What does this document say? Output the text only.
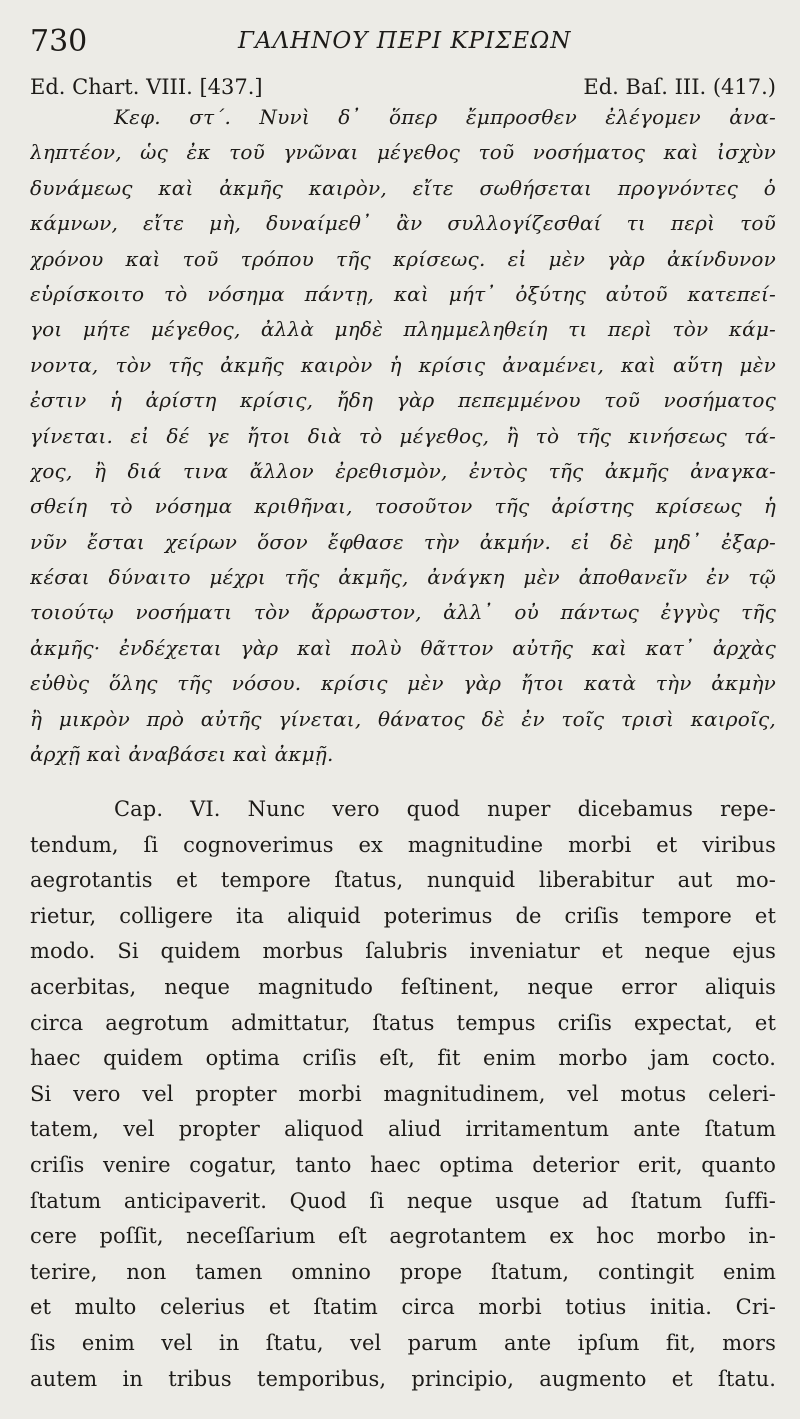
730	ΓΑΛΗΝΟΥ ΠΕΡΙ ΚΡΙΣΕΩΝ
Ed. Chart. VIII. [437.]	Ed. Baſ. III. (417.)
Κεφ. στ΄. Νυνὶ δ᾽ ὅπερ ἔμπροσθεν ἐλέγομεν ἀνα-
ληπτέον, ὡς ἐκ τοῦ γνῶναι μέγεθος τοῦ νοσήματος καὶ ἰσχὺν
δυνάμεως καὶ ἀκμῆς καιρὸν, εἴτε σωθήσεται προγνόντες ὁ
κάμνων, εἴτε μὴ, δυναίμεθ᾽ ἂν συλλογίζεσθαί τι περὶ τοῦ
χρόνου καὶ τοῦ τρόπου τῆς κρίσεως. εἰ μὲν γὰρ ἀκίνδυνον
εὑρίσκοιτο τὸ νόσημα πάντῃ, καὶ μήτ᾽ ὀξύτης αὐτοῦ κατεπεί-
γοι μήτε μέγεθος, ἀλλὰ μηδὲ πλημμεληθείη τι περὶ τὸν κάμ-
νοντα, τὸν τῆς ἀκμῆς καιρὸν ἡ κρίσις ἀναμένει, καὶ αὕτη μὲν
ἐστιν ἡ ἀρίστη κρίσις, ἤδη γὰρ πεπεμμένου τοῦ νοσήματος
γίνεται. εἰ δέ γε ἤτοι διὰ τὸ μέγεθος, ἢ τὸ τῆς κινήσεως τά-
χος, ἢ διά τινα ἄλλον ἐρεθισμὸν, ἐντὸς τῆς ἀκμῆς ἀναγκα-
σθείη τὸ νόσημα κριθῆναι, τοσοῦτον τῆς ἀρίστης κρίσεως ἡ
νῦν ἔσται χείρων ὅσον ἔφθασε τὴν ἀκμήν. εἰ δὲ μηδ᾽ ἐξαρ-
κέσαι δύναιτο μέχρι τῆς ἀκμῆς, ἀνάγκη μὲν ἀποθανεῖν ἐν τῷ
τοιούτῳ νοσήματι τὸν ἄρρωστον, ἀλλ᾽ οὐ πάντως ἐγγὺς τῆς
ἀκμῆς· ἐνδέχεται γὰρ καὶ πολὺ θᾶττον αὐτῆς καὶ κατ᾽ ἀρχὰς
εὐθὺς ὅλης τῆς νόσου. κρίσις μὲν γὰρ ἤτοι κατὰ τὴν ἀκμὴν
ἢ μικρὸν πρὸ αὐτῆς γίνεται, θάνατος δὲ ἐν τοῖς τρισὶ καιροῖς,
ἀρχῇ καὶ ἀναβάσει καὶ ἀκμῇ.
Cap. VI. Nunc vero quod nuper dicebamus repe-
tendum, ſi cognoverimus ex magnitudine morbi et viribus
aegrotantis et tempore ſtatus, nunquid liberabitur aut mo-
rietur, colligere ita aliquid poterimus de criſis tempore et
modo. Si quidem morbus ſalubris inveniatur et neque ejus
acerbitas, neque magnitudo feſtinent, neque error aliquis
circa aegrotum admittatur, ſtatus tempus criſis expectat, et
haec quidem optima criſis eſt, fit enim morbo jam cocto.
Si vero vel propter morbi magnitudinem, vel motus celeri-
tatem, vel propter aliquod aliud irritamentum ante ſtatum
criſis venire cogatur, tanto haec optima deterior erit, quanto
ſtatum anticipaverit. Quod ſi neque usque ad ſtatum ſuffi-
cere poſſit, neceſſarium eſt aegrotantem ex hoc morbo in-
terire, non tamen omnino prope ſtatum, contingit enim
et multo celerius et ſtatim circa morbi totius initia. Cri-
ſis enim vel in ſtatu, vel parum ante ipſum fit, mors
autem in tribus temporibus, principio, augmento et ſtatu.
